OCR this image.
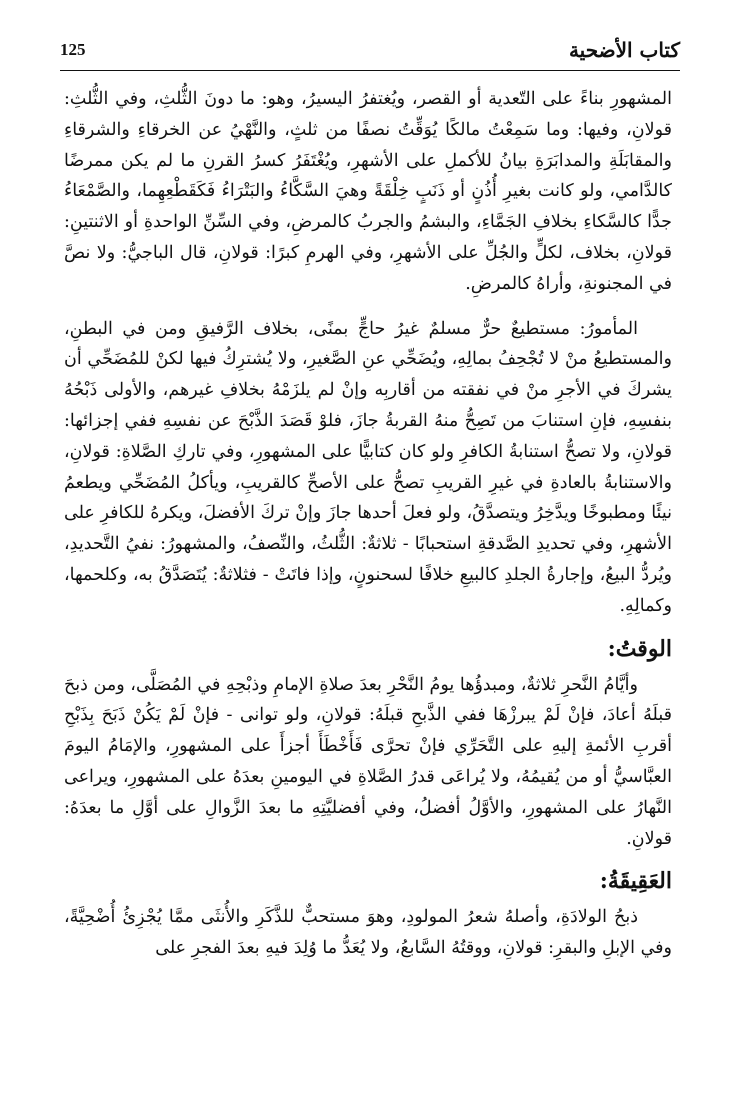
كتاب الأضحية
125

المشهورِ بناءً على التّعدية أو القصر، ويُغتفرُ اليسيرُ، وهو: ما دونَ الثُّلثِ، وفي الثُّلثِ: قولانِ، وفيها: وما سَمِعْتُ مالكًا يُوَقِّتُ نصفًا من ثلثٍ، والنَّهْيُ عن الخرقاءِ والشرقاءِ والمقابَلَةِ والمدابَرَةِ بيانُ للأكملِ على الأشهرِ، ويُغْتَفَرُ كسرُ القرنِ ما لم يكن ممرضًا كالدَّامي، ولو كانت بغيرِ أُذُنٍ أو ذَنَبٍ خِلْقَةً وهيَ السَّكَّاءُ والبَتْرَاءُ فَكَقَطْعِهِما، والصَّمْعَاءُ جدًّا كالسَّكاءِ بخلافِ الجَمَّاءِ، والبشمُ والجربُ كالمرضِ، وفي السِّنِّ الواحدةِ أو الاثنتينِ: قولانِ، بخلاف، لكلٍّ والجُلِّ على الأشهرِ، وفي الهرمِ كبرًا: قولانِ، قال الباجيُّ: ولا نصَّ في المجنونةِ، وأراهُ كالمرضِ.

المأمورُ: مستطيعٌ حرٌّ مسلمٌ غيرُ حاجٍّ بمنًى، بخلاف الرَّفيقِ ومن في البطنِ، والمستطيعُ منْ لا تُجْحِفُ بمالِهِ، ويُضَحِّي عنِ الصَّغيرِ، ولا يُشترِكُ فيها لكنْ للمُضَحِّي أن يشركَ في الأجرِ منْ في نفقته من أقاربِه وإنْ لم يلزَمْهُ بخلافِ غيرهم، والأولى ذَبْحُهُ بنفسِهِ، فإنِ استنابَ من تَصِحُّ منهُ القربةُ جازَ، فلوْ قَصَدَ الذَّبْحَ عن نفسِهِ ففي إجزائها: قولانِ، ولا تصحُّ استنابةُ الكافرِ ولو كان كتابيًّا على المشهورِ، وفي تاركِ الصَّلاةِ: قولانِ، والاستنابةُ بالعادةِ في غيرِ القريبِ تصحُّ على الأصحِّ كالقريبِ، ويأكلُ المُضَحِّي ويطعمُ نيئًا ومطبوخًا ويدَّخِرُ ويتصدَّقُ، ولو فعلَ أحدها جازَ وإنْ تركَ الأفضلَ، ويكرهُ للكافرِ على الأشهرِ، وفي تحديدِ الصَّدقةِ استحبابًا - ثلاثةٌ: الثُّلثُ، والنِّصفُ، والمشهورُ: نفيُ التَّحديدِ، ويُردُّ البيعُ، وإجارةُ الجلدِ كالبيعِ خلافًا لسحنونٍ، وإذا فاتَتْ - فثلاثةٌ: يُتَصَدَّقُ به، وكلحمها، وكمالِهِ.

الوقتُ:

وأيَّامُ النَّحرِ ثلاثةٌ، ومبدؤُها يومُ النَّحْرِ بعدَ صلاةِ الإمامِ وذبْحِهِ في المُصَلَّى، ومن ذبحَ قبلَهُ أعادَ، فإنْ لَمْ يبرزْهَا ففي الذَّبحِ قبلَهُ: قولانِ، ولو توانى - فإنْ لَمْ يَكُنْ ذَبَحَ بِذَبْحِ أقربِ الأئمةِ إليهِ على التَّحَرِّي فإنْ تحرَّى فَأَخْطَأَ أجزأَ على المشهورِ، والإمَامُ اليومَ العبَّاسيُّ أو من يُقيمُهُ، ولا يُراعَى قدرُ الصَّلاةِ في اليومينِ بعدَهُ على المشهورِ، ويراعى النَّهارُ على المشهورِ، والأوَّلُ أفضلُ، وفي أفضليَّتِهِ ما بعدَ الزَّوالِ على أوَّلِ ما بعدَهُ: قولانِ.

العَقِيقَةُ:

ذبحُ الولادَةِ، وأصلهُ شعرُ المولودِ، وهوَ مستحبٌّ للذَّكَرِ والأُنثَى ممَّا يُجْزِئُ أُضْحِيَّةً، وفي الإبلِ والبقرِ: قولانِ، ووقتُهُ السَّابعُ، ولا يُعَدُّ ما وُلِدَ فيهِ بعدَ الفجرِ على
